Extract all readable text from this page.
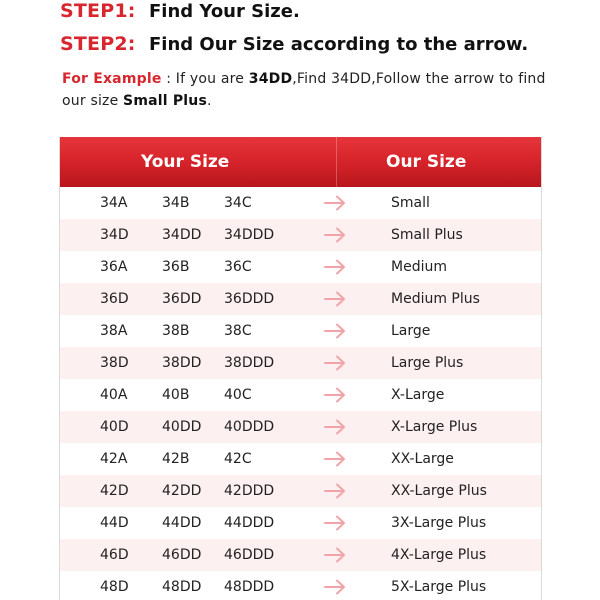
STEP1: Find Your Size.
STEP2: Find Our Size according to the arrow.
For Example : If you are 34DD,Find 34DD,Follow the arrow to find our size Small Plus.
Your Size	Our Size
34A 34B 34C	Small
34D 34DD 34DDD	Small Plus
36A 36B 36C	Medium
36D 36DD 36DDD	Medium Plus
38A 38B 38C	Large
38D 38DD 38DDD	Large Plus
40A 40B 40C	X-Large
40D 40DD 40DDD	X-Large Plus
42A 42B 42C	XX-Large
42D 42DD 42DDD	XX-Large Plus
44D 44DD 44DDD	3X-Large Plus
46D 46DD 46DDD	4X-Large Plus
48D 48DD 48DDD	5X-Large Plus
